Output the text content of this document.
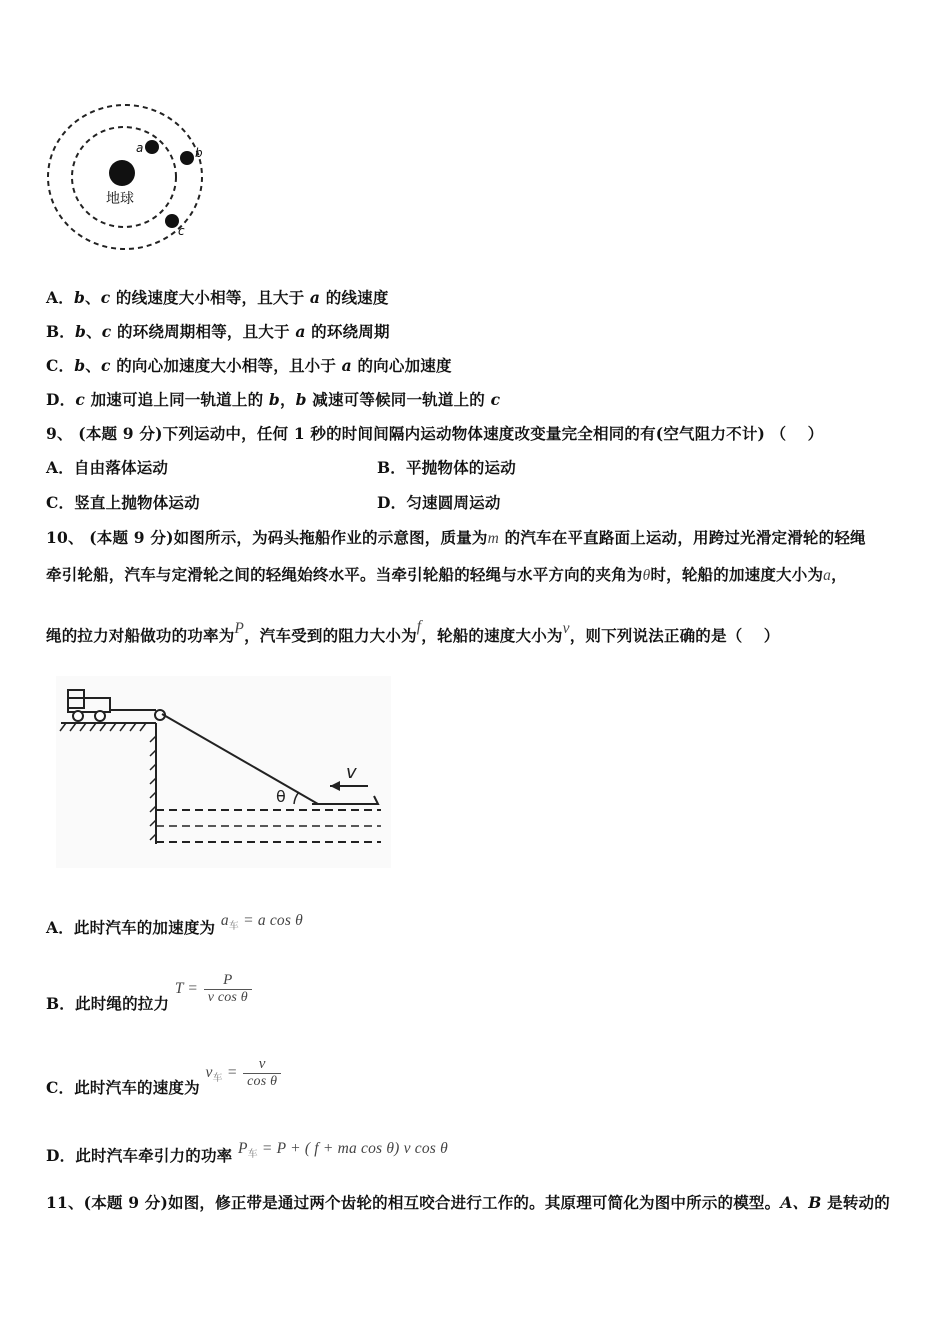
地球
a	b
c
A．b、c 的线速度大小相等，且大于 a 的线速度
B．b、c 的环绕周期相等，且大于 a 的环绕周期
C．b、c 的向心加速度大小相等，且小于 a 的向心加速度
D．c 加速可追上同一轨道上的 b，b 减速可等候同一轨道上的 c
9、 (本题 9 分)下列运动中，任何 1 秒的时间间隔内运动物体速度改变量完全相同的有(空气阻力不计) （　 ）
A．自由落体运动	B．平抛物体的运动
C．竖直上抛物体运动	D．匀速圆周运动
10、 (本题 9 分)如图所示，为码头拖船作业的示意图，质量为m 的汽车在平直路面上运动，用跨过光滑定滑轮的轻绳
牵引轮船，汽车与定滑轮之间的轻绳始终水平。当牵引轮船的轻绳与水平方向的夹角为θ时，轮船的加速度大小为a，
绳的拉力对船做功的功率为P，汽车受到的阻力大小为f，轮船的速度大小为v，则下列说法正确的是（　 ）
θ
v
A．此时汽车的加速度为 $a_车 = a$ cos θ
B．此时绳的拉力 $T = \frac{P}{\text{v cos θ}}$
C．此时汽车的速度为 $v_车 = \frac{v}{\text{cos θ}}$
D．此时汽车牵引力的功率 $P_车 = P$ + ( f + ma cos θ) v cos θ
11、(本题 9 分)如图，修正带是通过两个齿轮的相互咬合进行工作的。其原理可简化为图中所示的模型。A、B 是转动的
